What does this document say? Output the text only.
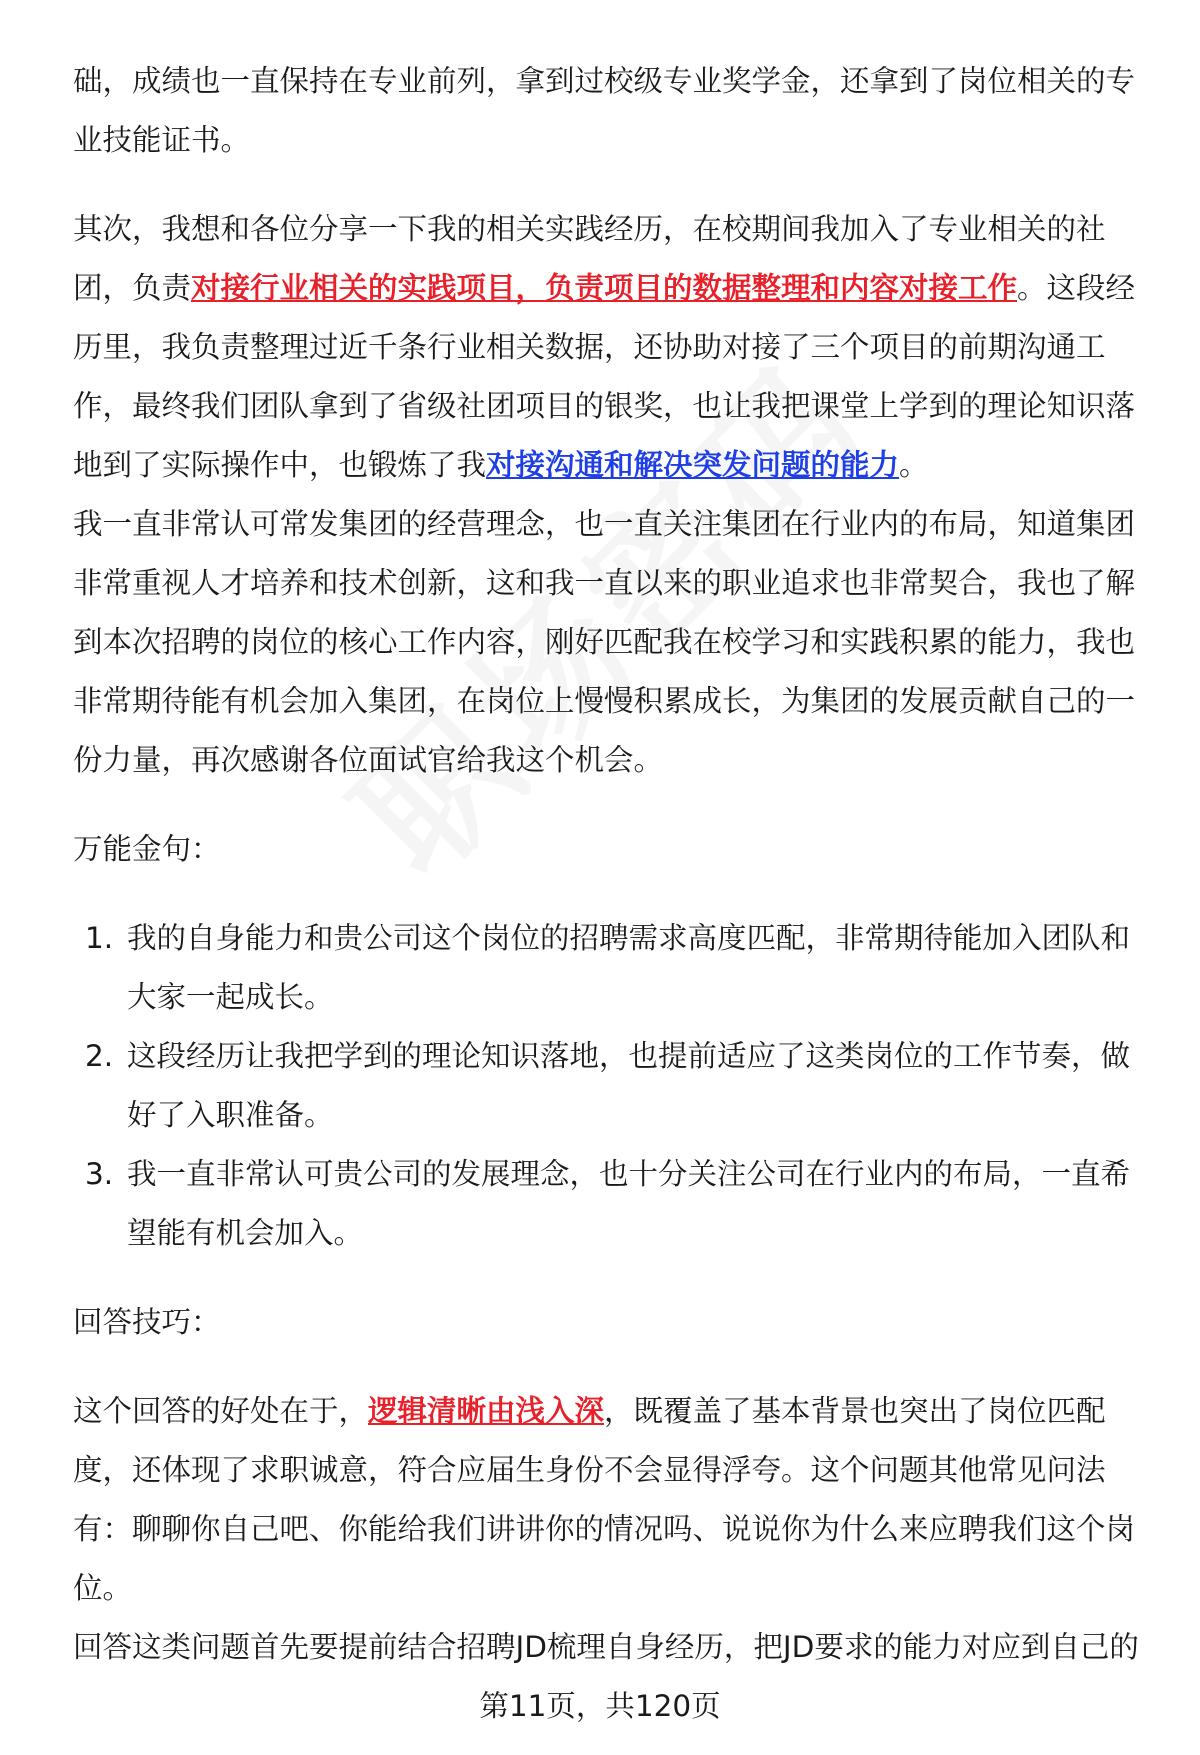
础，成绩也一直保持在专业前列，拿到过校级专业奖学金，还拿到了岗位相关的专业技能证书。

其次，我想和各位分享一下我的相关实践经历，在校期间我加入了专业相关的社团，负责对接行业相关的实践项目，负责项目的数据整理和内容对接工作。这段经历里，我负责整理过近千条行业相关数据，还协助对接了三个项目的前期沟通工作，最终我们团队拿到了省级社团项目的银奖，也让我把课堂上学到的理论知识落地到了实际操作中，也锻炼了我对接沟通和解决突发问题的能力。

我一直非常认可常发集团的经营理念，也一直关注集团在行业内的布局，知道集团非常重视人才培养和技术创新，这和我一直以来的职业追求也非常契合，我也了解到本次招聘的岗位的核心工作内容，刚好匹配我在校学习和实践积累的能力，我也非常期待能有机会加入集团，在岗位上慢慢积累成长，为集团的发展贡献自己的一份力量，再次感谢各位面试官给我这个机会。

万能金句：

1. 我的自身能力和贵公司这个岗位的招聘需求高度匹配，非常期待能加入团队和大家一起成长。
2. 这段经历让我把学到的理论知识落地，也提前适应了这类岗位的工作节奏，做好了入职准备。
3. 我一直非常认可贵公司的发展理念，也十分关注公司在行业内的布局，一直希望能有机会加入。

回答技巧：

这个回答的好处在于，逻辑清晰由浅入深，既覆盖了基本背景也突出了岗位匹配度，还体现了求职诚意，符合应届生身份不会显得浮夸。这个问题其他常见问法有：聊聊你自己吧、你能给我们讲讲你的情况吗、说说你为什么来应聘我们这个岗位。

回答这类问题首先要提前结合招聘JD梳理自身经历，把JD要求的能力对应到自己的

第11页，共120页
